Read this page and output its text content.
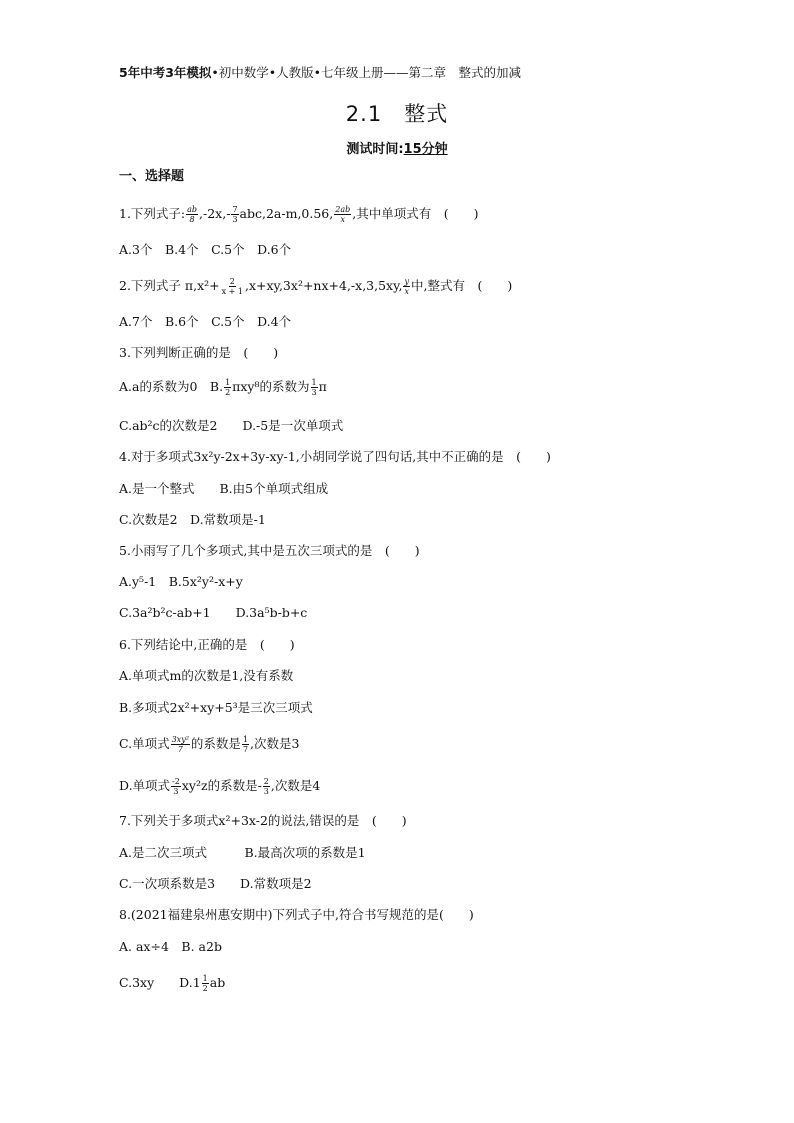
5年中考3年模拟•初中数学•人教版•七年级上册——第二章　整式的加减
2.1　整式
测试时间:15分钟
一、选择题
1.下列式子: $\frac{ab}{8} ,-2x,- \frac{7}{3} abc,2a-m,0.56$, $\frac{2ab}{x}$ ,其中单项式有　(　　)
A.3个　B.4个　C.5个　D.6个
2.下列式子 $\pi,x^2+ \frac{2}{x + 1} ,x+xy,3x^2+nx+4,-x,3,5xy$, $\frac{y}{x}$ 中,整式有　(　　)
A.7个　B.6个　C.5个　D.4个
3.下列判断正确的是　(　　)
A.a的系数为0　B. $\frac{1}{2} \pi xy^8$的系数为 $\frac{1}{3}$ π
C.ab²c的次数是2　　D.-5是一次单项式
4.对于多项式3x²y-2x+3y-xy-1,小胡同学说了四句话,其中不正确的是　(　　)
A.是一个整式　　B.由5个单项式组成
C.次数是2　D.常数项是-1
5.小雨写了几个多项式,其中是五次三项式的是　(　　)
A.y⁵-1　B.5x²y²-x+y
C.3a²b²c-ab+1　　D.3a⁵b-b+c
6.下列结论中,正确的是　(　　)
A.单项式m的次数是1,没有系数
B.多项式2x²+xy+5³是三次三项式
C.单项式 $\frac{\text{3xy²}}{7}$ 的系数是 $\frac{1}{7}$ ,次数是3
D.单项式 $\frac{-2}{3} xy^2z$的系数是- $\frac{2}{3}$ ,次数是4
7.下列关于多项式x²+3x-2的说法,错误的是　(　　)
A.是二次三项式　　　B.最高次项的系数是1
C.一次项系数是3　　D.常数项是2
8.(2021福建泉州惠安期中)下列式子中,符合书写规范的是(　　)
A. ax÷4　B. a2b
C.3xy　　$D.1 \frac{1}{2}$ ab
